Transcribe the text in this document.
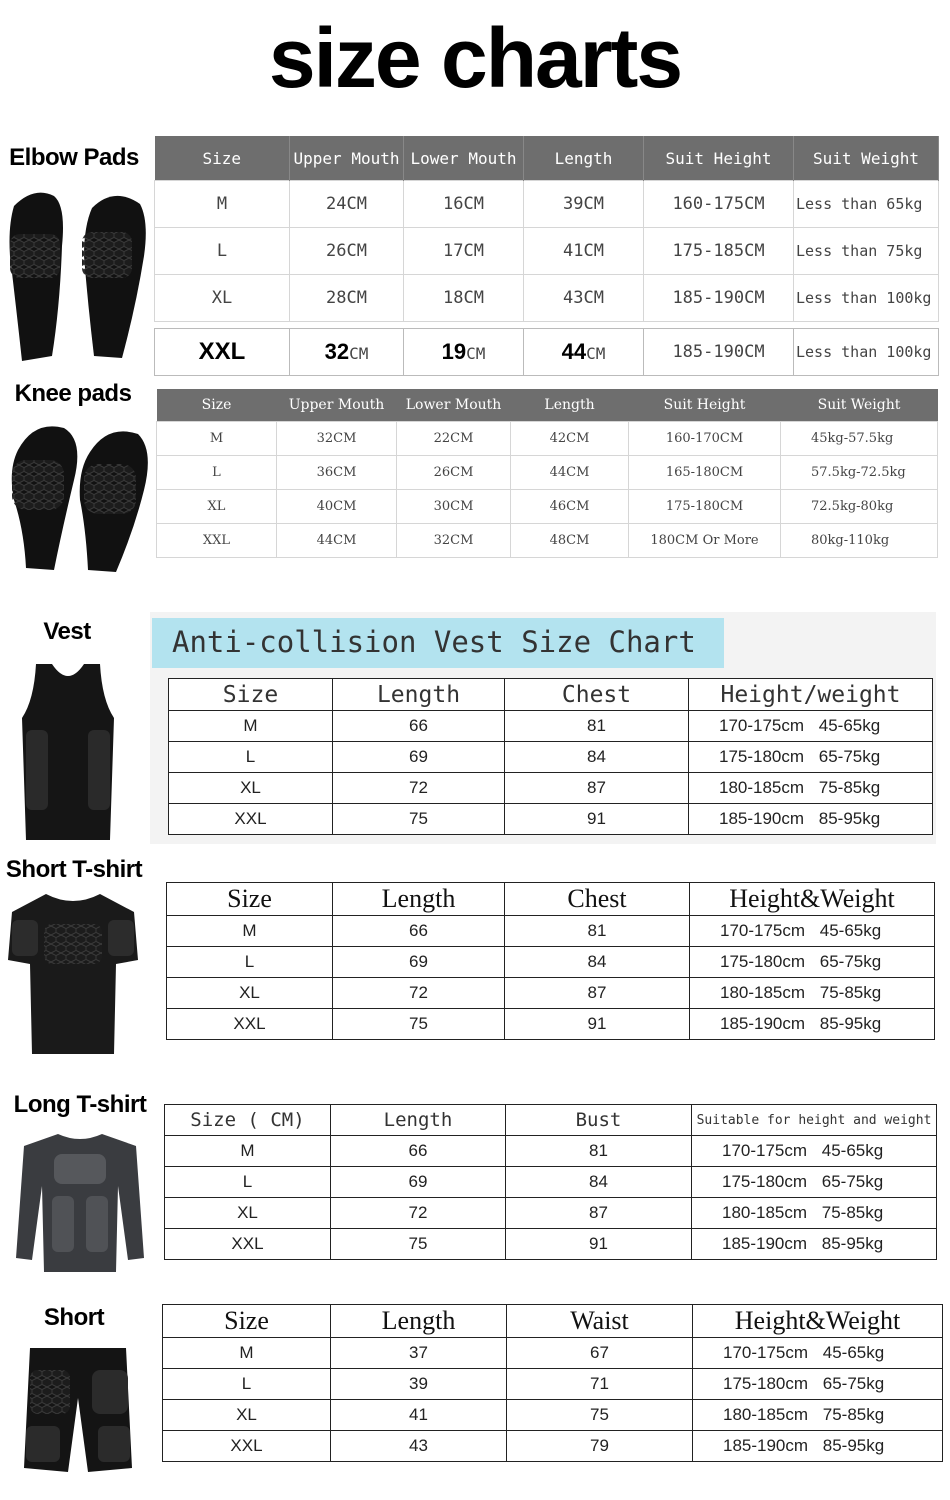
size charts
Elbow Pads
Knee pads
Vest
Short T-shirt
Long T-shirt
Short
Size	Upper Mouth	Lower Mouth	Length	Suit Height	Suit Weight
M	24CM	16CM	39CM	160-175CM	Less than 65kg
L	26CM	17CM	41CM	175-185CM	Less than 75kg
XL	28CM	18CM	43CM	185-190CM	Less than 100kg

XXL	32CM	19CM	44CM	185-190CM	Less than 100kg
Size	Upper Mouth	Lower Mouth	Length	Suit Height	Suit Weight
M	32CM	22CM	42CM	160-170CM	45kg-57.5kg
L	36CM	26CM	44CM	165-180CM	57.5kg-72.5kg
XL	40CM	30CM	46CM	175-180CM	72.5kg-80kg
XXL	44CM	32CM	48CM	180CM Or More	80kg-110kg
Anti-collision Vest Size Chart
Size	Length	Chest	Height/weight
M	66	81	170-175cm 45-65kg
L	69	84	175-180cm 65-75kg
XL	72	87	180-185cm 75-85kg
XXL	75	91	185-190cm 85-95kg
Size	Length	Chest	Height&Weight
M	66	81	170-175cm 45-65kg
L	69	84	175-180cm 65-75kg
XL	72	87	180-185cm 75-85kg
XXL	75	91	185-190cm 85-95kg
Size ( CM)	Length	Bust	Suitable for height and weight
M	66	81	170-175cm 45-65kg
L	69	84	175-180cm 65-75kg
XL	72	87	180-185cm 75-85kg
XXL	75	91	185-190cm 85-95kg
Size	Length	Waist	Height&Weight
M	37	67	170-175cm 45-65kg
L	39	71	175-180cm 65-75kg
XL	41	75	180-185cm 75-85kg
XXL	43	79	185-190cm 85-95kg
